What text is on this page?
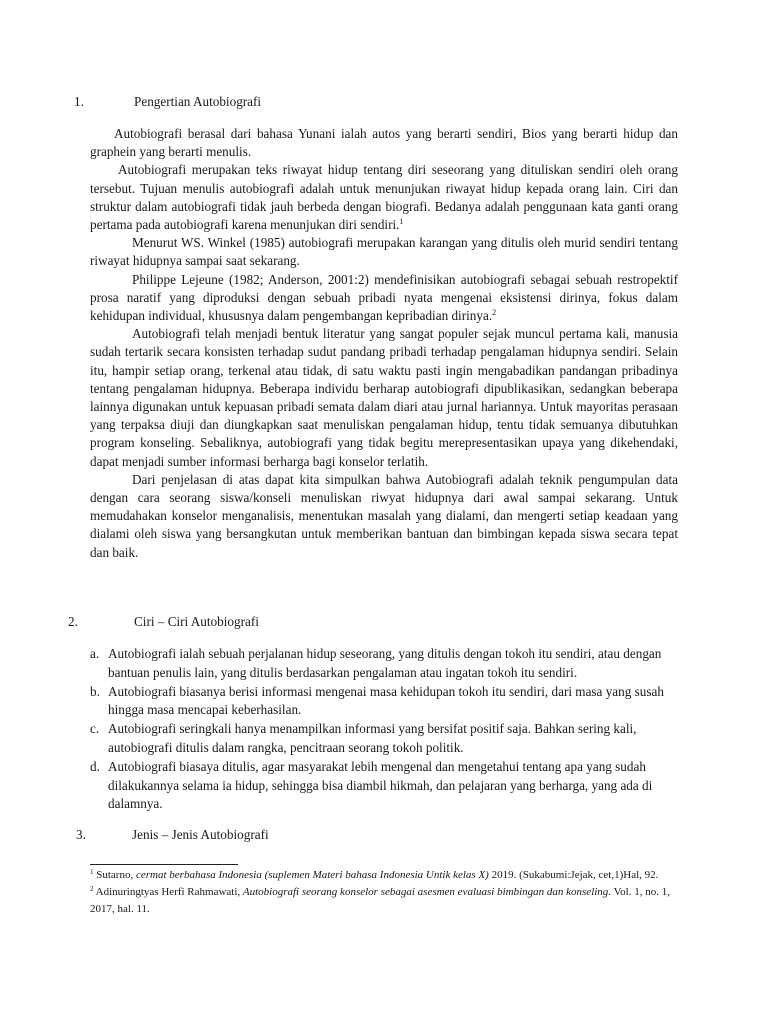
1.	Pengertian Autobiografi

Autobiografi berasal dari bahasa Yunani ialah autos yang berarti sendiri, Bios yang berarti hidup dan graphein yang berarti menulis.

Autobiografi merupakan teks riwayat hidup tentang diri seseorang yang dituliskan sendiri oleh orang tersebut. Tujuan menulis autobiografi adalah untuk menunjukan riwayat hidup kepada orang lain. Ciri dan struktur dalam autobiografi tidak jauh berbeda dengan biografi. Bedanya adalah penggunaan kata ganti orang pertama pada autobiografi karena menunjukan diri sendiri.$^1$

Menurut WS. Winkel (1985) autobiografi merupakan karangan yang ditulis oleh murid sendiri tentang riwayat hidupnya sampai saat sekarang.

Philippe Lejeune (1982; Anderson, 2001:2) mendefinisikan autobiografi sebagai sebuah restropektif prosa naratif yang diproduksi dengan sebuah pribadi nyata mengenai eksistensi dirinya, fokus dalam kehidupan individual, khususnya dalam pengembangan kepribadian dirinya.$^2$

Autobiografi telah menjadi bentuk literatur yang sangat populer sejak muncul pertama kali, manusia sudah tertarik secara konsisten terhadap sudut pandang pribadi terhadap pengalaman hidupnya sendiri. Selain itu, hampir setiap orang, terkenal atau tidak, di satu waktu pasti ingin mengabadikan pandangan pribadinya tentang pengalaman hidupnya. Beberapa individu berharap autobiografi dipublikasikan, sedangkan beberapa lainnya digunakan untuk kepuasan pribadi semata dalam diari atau jurnal hariannya. Untuk mayoritas perasaan yang terpaksa diuji dan diungkapkan saat menuliskan pengalaman hidup, tentu tidak semuanya dibutuhkan program konseling. Sebaliknya, autobiografi yang tidak begitu merepresentasikan upaya yang dikehendaki, dapat menjadi sumber informasi berharga bagi konselor terlatih.

Dari penjelasan di atas dapat kita simpulkan bahwa Autobiografi adalah teknik pengumpulan data dengan cara seorang siswa/konseli menuliskan riwyat hidupnya dari awal sampai sekarang. Untuk memudahakan konselor menganalisis, menentukan masalah yang dialami, dan mengerti setiap keadaan yang dialami oleh siswa yang bersangkutan untuk memberikan bantuan dan bimbingan kepada siswa secara tepat dan baik.

2.	Ciri – Ciri Autobiografi
a. Autobiografi ialah sebuah perjalanan hidup seseorang, yang ditulis dengan tokoh itu sendiri, atau dengan bantuan penulis lain, yang ditulis berdasarkan pengalaman atau ingatan tokoh itu sendiri.
b. Autobiografi biasanya berisi informasi mengenai masa kehidupan tokoh itu sendiri, dari masa yang susah hingga masa mencapai keberhasilan.
c. Autobiografi seringkali hanya menampilkan informasi yang bersifat positif saja. Bahkan sering kali, autobiografi ditulis dalam rangka, pencitraan seorang tokoh politik.
d. Autobiografi biasaya ditulis, agar masyarakat lebih mengenal dan mengetahui tentang apa yang sudah dilakukannya selama ia hidup, sehingga bisa diambil hikmah, dan pelajaran yang berharga, yang ada di dalamnya.
3.	Jenis – Jenis Autobiografi

$^1$ Sutarno, cermat berbahasa Indonesia (suplemen Materi bahasa Indonesia Untik kelas X) 2019. (Sukabumi:Jejak, cet,1)Hal, 92.

$^2$ Adinuringtyas Herfi Rahmawati, Autobiografi seorang konselor sebagai asesmen evaluasi bimbingan dan konseling. Vol. 1, no. 1, 2017, hal. 11.
